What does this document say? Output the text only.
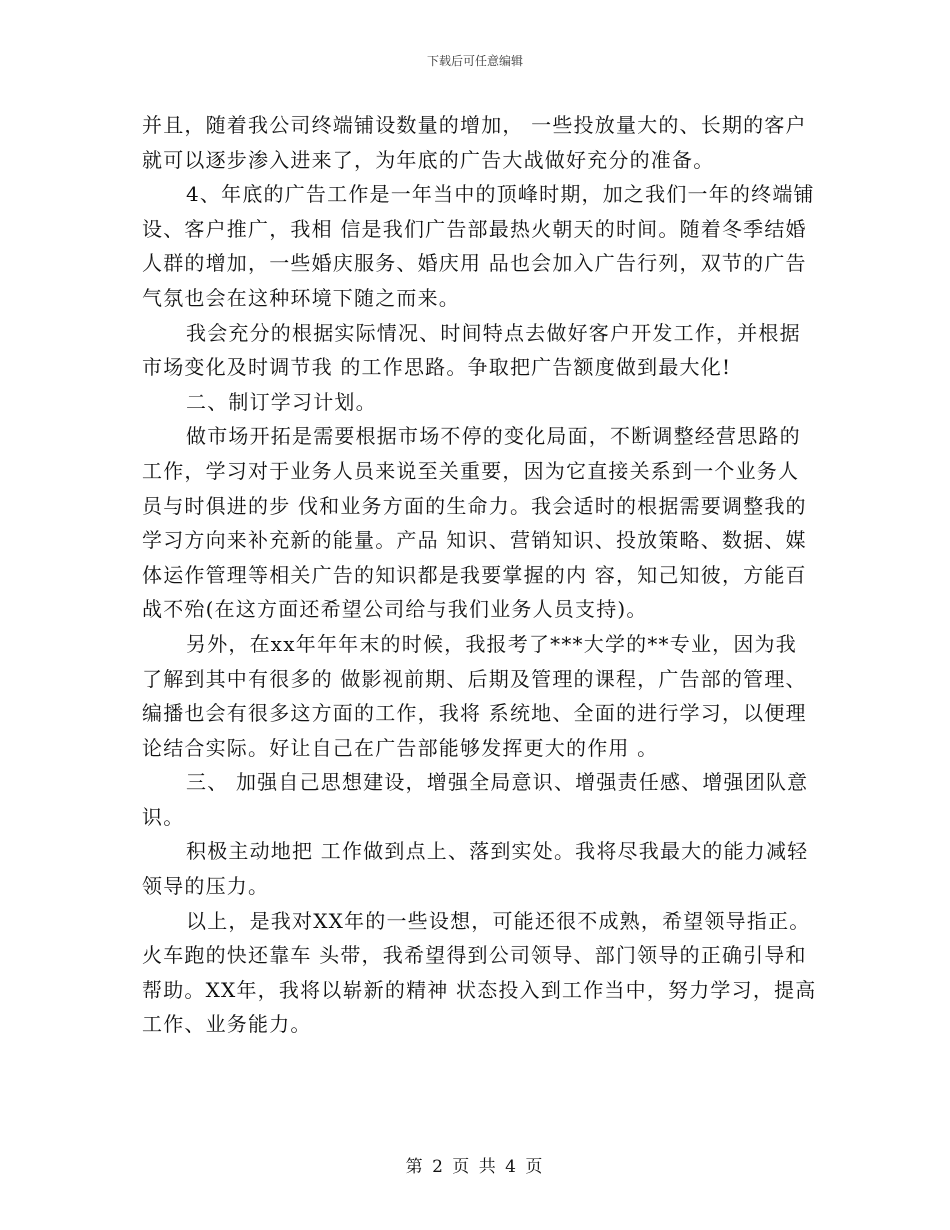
下载后可任意编辑

并且，随着我公司终端铺设数量的增加， 一些投放量大的、长期的客户就可以逐步渗入进来了，为年底的广告大战做好充分的准备。

4、年底的广告工作是一年当中的顶峰时期，加之我们一年的终端铺设、客户推广，我相 信是我们广告部最热火朝天的时间。随着冬季结婚人群的增加，一些婚庆服务、婚庆用 品也会加入广告行列，双节的广告气氛也会在这种环境下随之而来。

我会充分的根据实际情况、时间特点去做好客户开发工作，并根据市场变化及时调节我 的工作思路。争取把广告额度做到最大化!

二、制订学习计划。

做市场开拓是需要根据市场不停的变化局面，不断调整经营思路的 工作，学习对于业务人员来说至关重要，因为它直接关系到一个业务人员与时俱进的步 伐和业务方面的生命力。我会适时的根据需要调整我的学习方向来补充新的能量。产品 知识、营销知识、投放策略、数据、媒体运作管理等相关广告的知识都是我要掌握的内 容，知己知彼，方能百战不殆(在这方面还希望公司给与我们业务人员支持)。

另外，在xx年年年末的时候，我报考了***大学的**专业，因为我了解到其中有很多的 做影视前期、后期及管理的课程，广告部的管理、编播也会有很多这方面的工作，我将 系统地、全面的进行学习，以便理论结合实际。好让自己在广告部能够发挥更大的作用 。

三、 加强自己思想建设，增强全局意识、增强责任感、增强团队意识。

积极主动地把 工作做到点上、落到实处。我将尽我最大的能力减轻领导的压力。

以上，是我对XX年的一些设想，可能还很不成熟，希望领导指正。火车跑的快还靠车 头带，我希望得到公司领导、部门领导的正确引导和帮助。XX年，我将以崭新的精神 状态投入到工作当中，努力学习，提高工作、业务能力。

第 2 页 共 4 页
